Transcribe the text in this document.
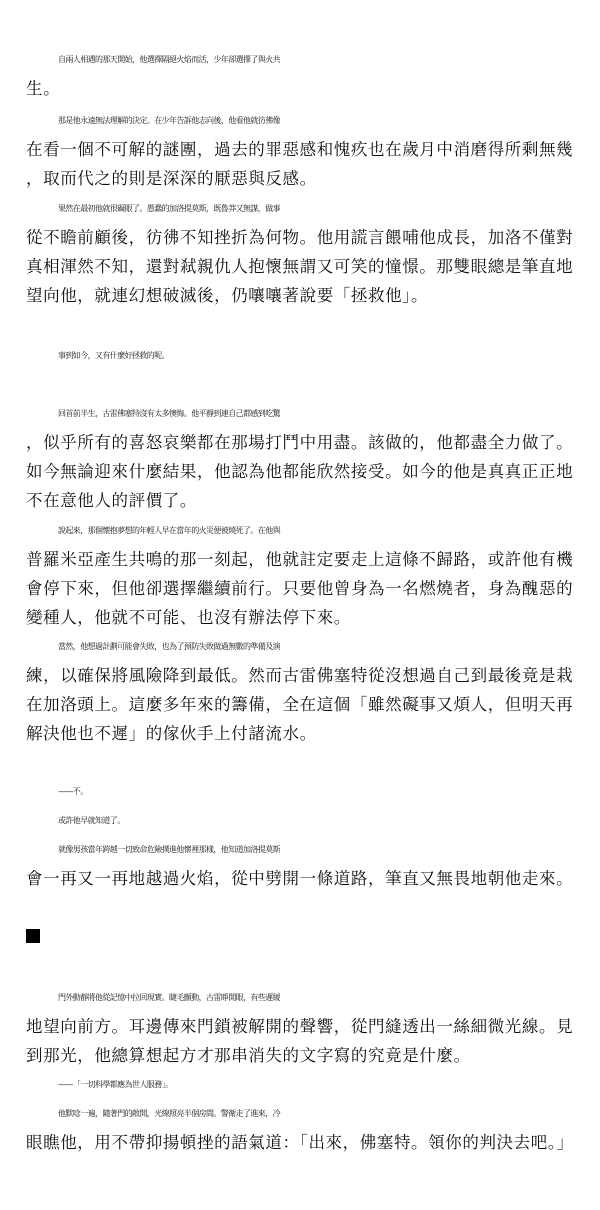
自兩人相遇的那天開始，他選擇隔絕火焰而活，少年卻選擇了與火共
生。
那是他永遠無法理解的決定。在少年告訴他志向後，他看他就彷彿像
在看一個不可解的謎團，過去的罪惡感和愧疚也在歲月中消磨得所剩無幾
，取而代之的則是深深的厭惡與反感。
果然在最初他就很礙眼了。愚蠢的加洛提莫斯，既魯莽又無謀，做事
從不瞻前顧後，彷彿不知挫折為何物。他用謊言餵哺他成長，加洛不僅對
真相渾然不知，還對弒親仇人抱懷無謂又可笑的憧憬。那雙眼總是筆直地
望向他，就連幻想破滅後，仍嚷嚷著說要「拯救他」。
事到如今，又有什麼好拯救的呢。
回首前半生，古雷佛塞特沒有太多懊悔。他平靜到連自己都感到吃驚
，似乎所有的喜怒哀樂都在那場打鬥中用盡。該做的，他都盡全力做了。
如今無論迎來什麼結果，他認為他都能欣然接受。如今的他是真真正正地
不在意他人的評價了。
說起來，那個懷抱夢想的年輕人早在當年的火災便被燒死了。在他與
普羅米亞產生共鳴的那一刻起，他就註定要走上這條不歸路，或許他有機
會停下來，但他卻選擇繼續前行。只要他曾身為一名燃燒者，身為醜惡的
變種人，他就不可能、也沒有辦法停下來。
當然，他想過計劃可能會失敗，也為了預防失敗做過無數的準備及演
練，以確保將風險降到最低。然而古雷佛塞特從沒想過自己到最後竟是栽
在加洛頭上。這麼多年來的籌備，全在這個「雖然礙事又煩人，但明天再
解決他也不遲」的傢伙手上付諸流水。
——不。
或許他早就知道了。
就像男孩當年跨越一切致命危險撲進他懷裡那樣，他知道加洛提莫斯
會一再又一再地越過火焰，從中劈開一條道路，筆直又無畏地朝他走來。
門外動靜將他從記憶中拉回現實。睫毛顫動，古雷睜開眼，有些遲緩
地望向前方。耳邊傳來門鎖被解開的聲響，從門縫透出一絲細微光線。見
到那光，他總算想起方才那串消失的文字寫的究竟是什麼。
——「一切科學都應為世人服務」。
他默唸一遍，隨著門的敞開，光線照亮半個房間。警衛走了進來，冷
眼瞧他，用不帶抑揚頓挫的語氣道：「出來，佛塞特。領你的判決去吧。」
■
